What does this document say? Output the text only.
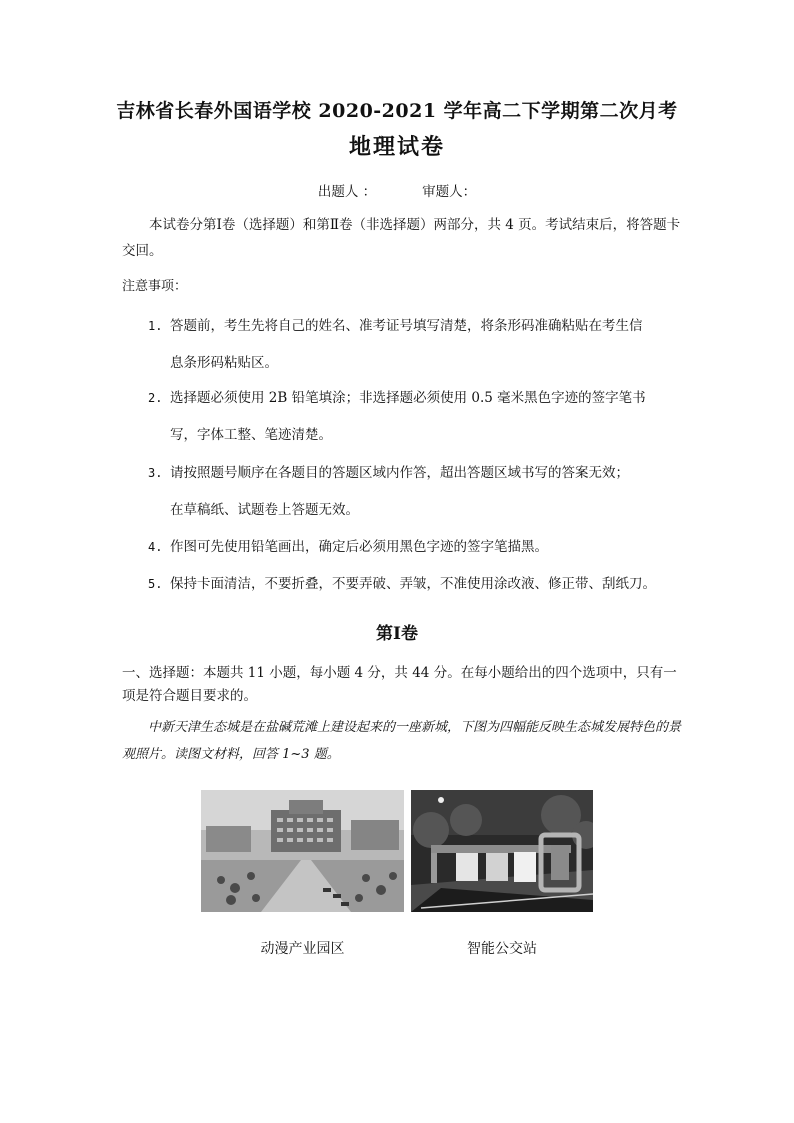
吉林省长春外国语学校 2020-2021 学年高二下学期第二次月考
地理试卷
出题人 ：	审题人：
本试卷分第Ⅰ卷（选择题）和第Ⅱ卷（非选择题）两部分，共 4 页。考试结束后，将答题卡交回。
注意事项：
1. 答题前，考生先将自己的姓名、准考证号填写清楚，将条形码准确粘贴在考生信
息条形码粘贴区。
2. 选择题必须使用 2B 铅笔填涂；非选择题必须使用 0.5 毫米黑色字迹的签字笔书
写，字体工整、笔迹清楚。
3. 请按照题号顺序在各题目的答题区域内作答，超出答题区域书写的答案无效；
在草稿纸、试题卷上答题无效。
4. 作图可先使用铅笔画出，确定后必须用黑色字迹的签字笔描黑。
5. 保持卡面清洁，不要折叠，不要弄破、弄皱，不准使用涂改液、修正带、刮纸刀。
第Ⅰ卷
一、选择题：本题共 11 小题，每小题 4 分，共 44 分。在每小题给出的四个选项中，只有一项是符合题目要求的。
中新天津生态城是在盐碱荒滩上建设起来的一座新城，下图为四幅能反映生态城发展特色的景观照片。读图文材料，回答 1~3 题。
动漫产业园区	智能公交站
